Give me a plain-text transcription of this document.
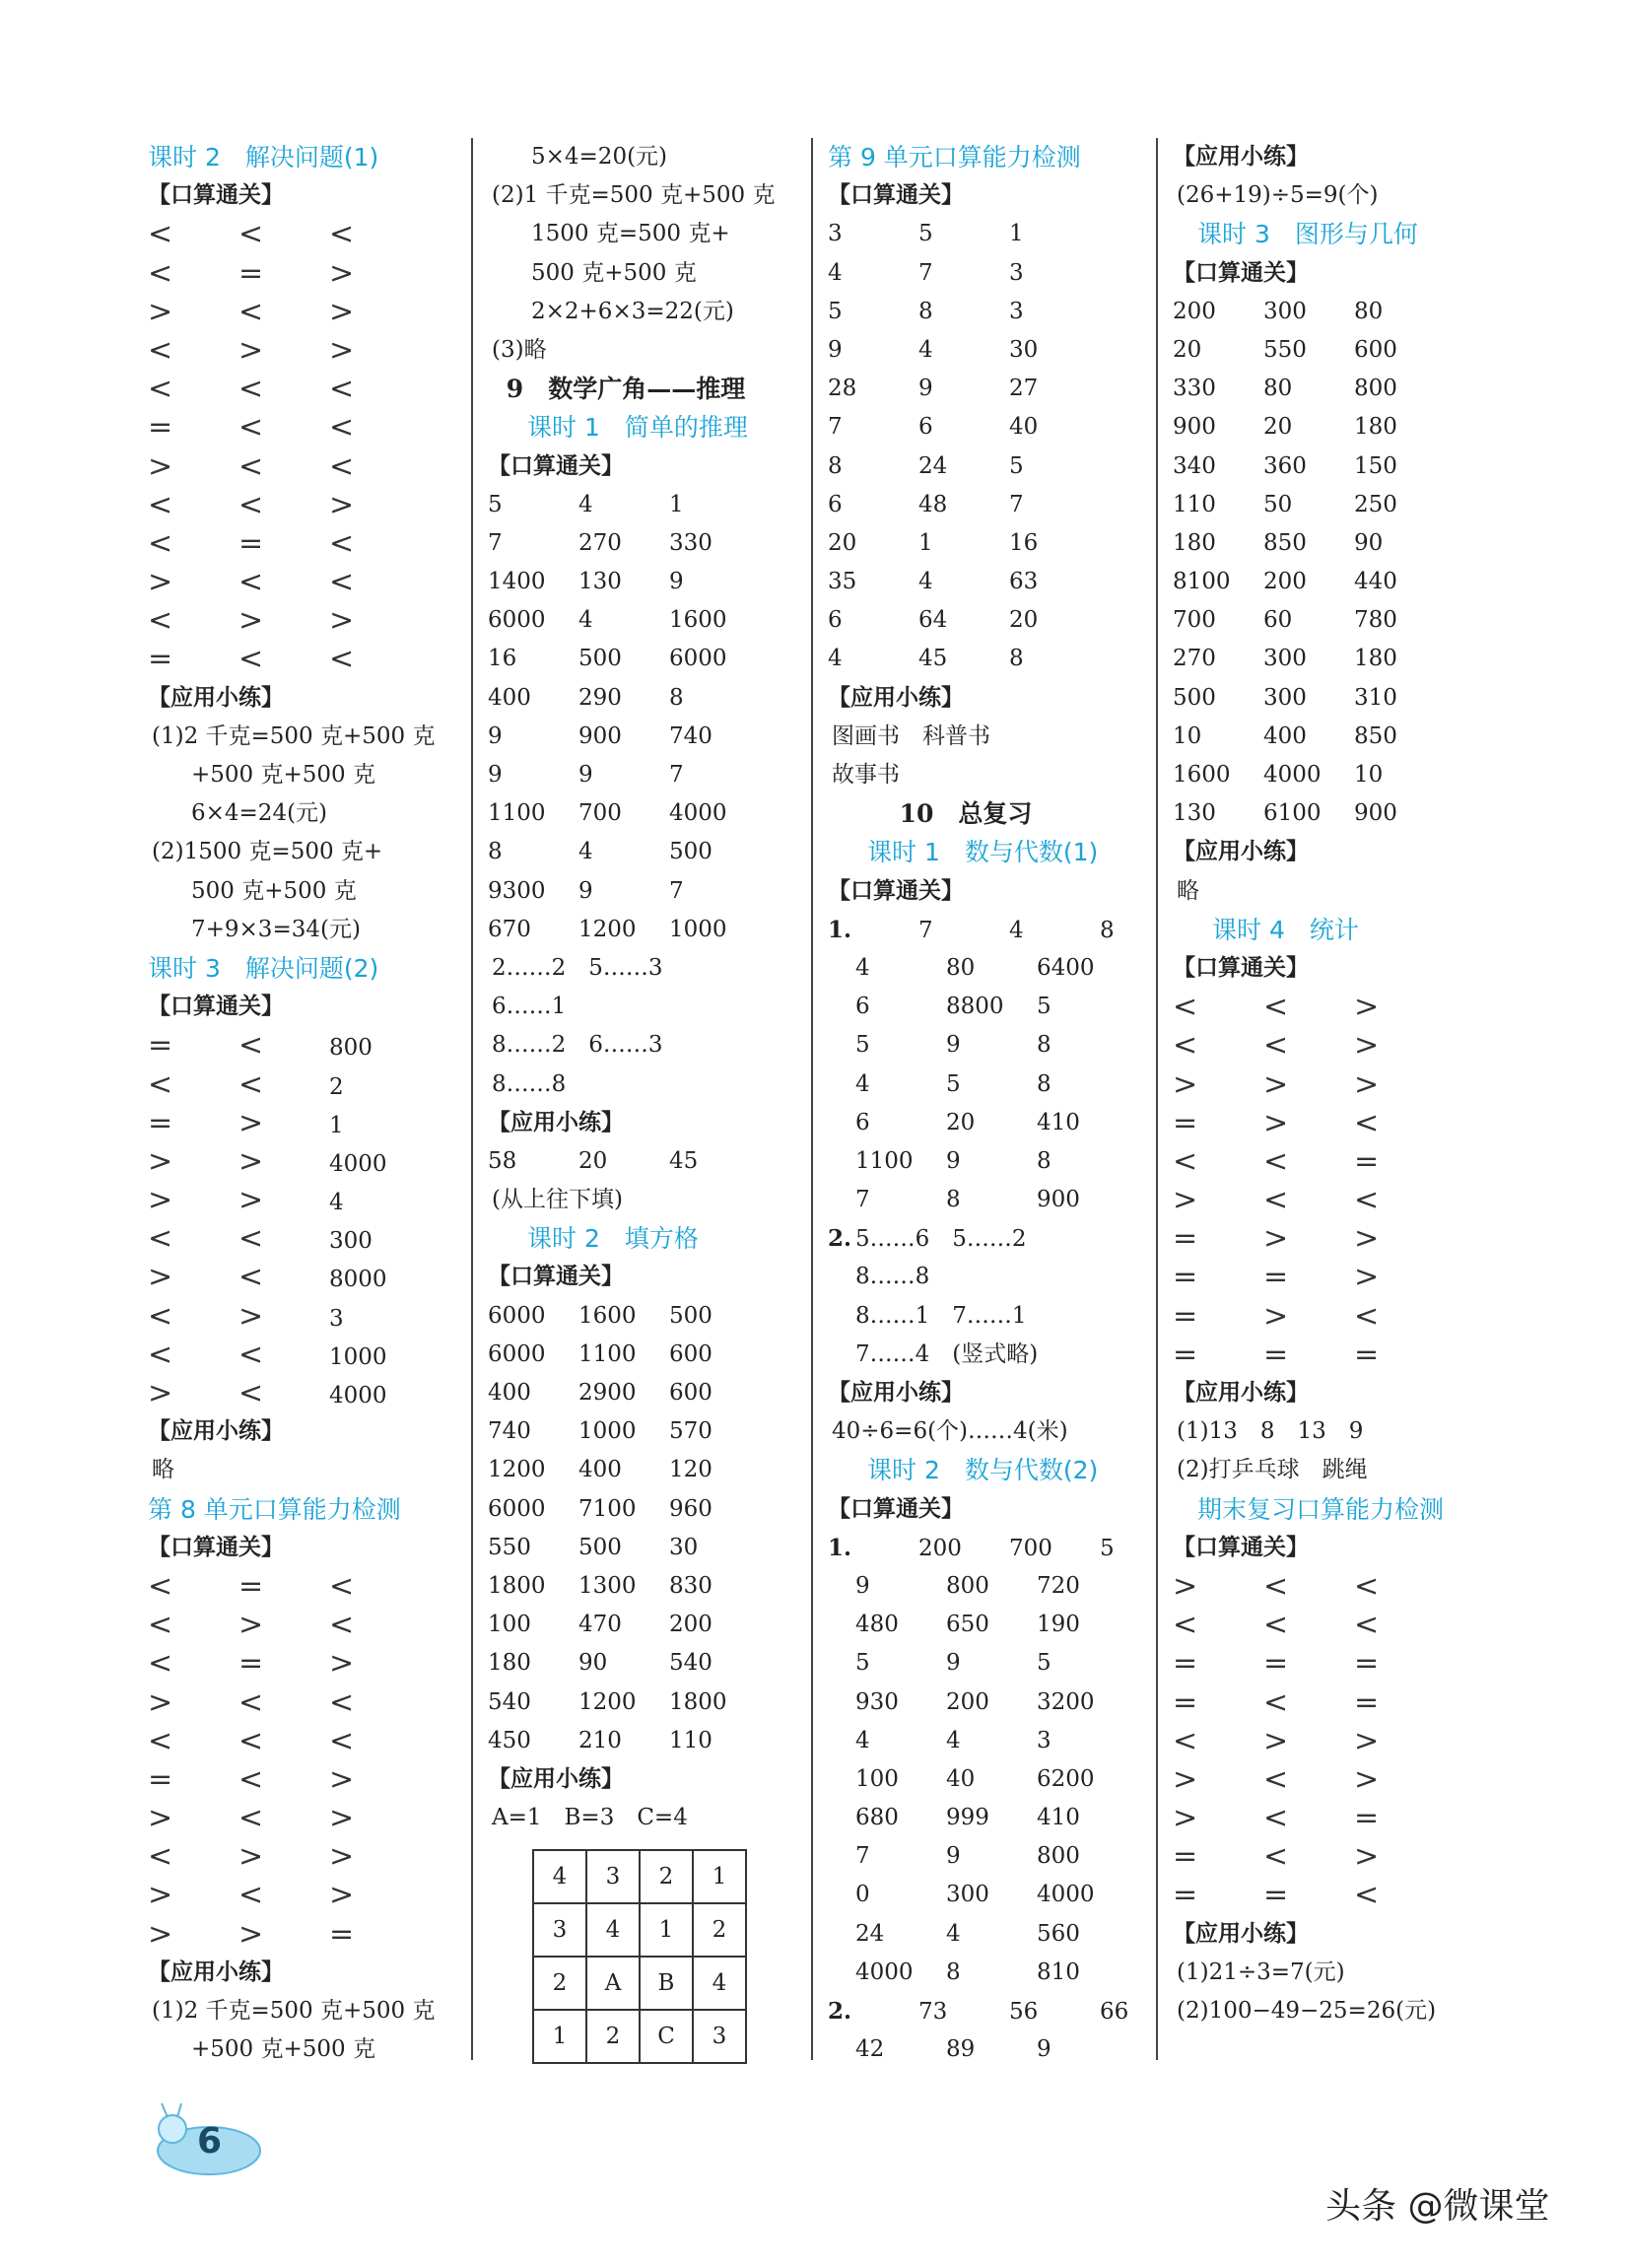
课时 2　解决问题(1)
【口算通关】
< < <
< = >
> < >
< > >
< < <
= < <
> < <
< < >
< = <
> < <
< > >
= < <
【应用小练】
(1)2 千克=500 克+500 克
+500 克+500 克
6×4=24(元)
(2)1500 克=500 克+
500 克+500 克
7+9×3=34(元)
课时 3　解决问题(2)
【口算通关】
= <	800
< <	2
= >	1
> >	4000
> >	4
< <	300
> <	8000
< >	3
< <	1000
> <	4000
【应用小练】
略
第 8 单元口算能力检测
【口算通关】
< = <
< > <
< = >
> < <
< < <
= < >
> < >
< > >
> < >
> > =
【应用小练】
(1)2 千克=500 克+500 克
+500 克+500 克
5×4=20(元)
(2)1 千克=500 克+500 克
1500 克=500 克+
500 克+500 克
2×2+6×3=22(元)
(3)略
9　数学广角——推理
课时 1　简单的推理
【口算通关】
5	4	1
7	270 330
1400 130 9
6000 4	1600
16	500 6000
400 290 8
9	900 740
9	9	7
1100 700 4000
8	4	500
9300 9	7
670 1200 1000
2……2　5……3
6……1
8……2　6……3
8……8
【应用小练】
58	20	45
(从上往下填)
课时 2　填方格
【口算通关】
6000 1600 500
6000 1100 600
400 2900 600
740 1000 570
1200 400 120
6000 7100 960
550 500 30
1800 1300 830
100 470 200
180 90	540
540 1200 1800
450 210 110
【应用小练】
A=1　B=3　C=4
4	3	2	1
3	4	1	2
2	A	B	4
1	2	C	3
第 9 单元口算能力检测
【口算通关】
3	5	1
4	7	3
5	8	3
9	4	30
28	9	27
7	6	40
8	24	5
6	48	7
20	1	16
35	4	63
6	64	20
4	45	8
【应用小练】
图画书　科普书
故事书
10　总复习
课时 1　数与代数(1)
【口算通关】
1.	7	4	8
4	80	6400
6	8800 5
5	9	8
4	5	8
6	20	410
1100 9	8
7	8	900
2. 5……6　5……2
8……8
8……1　7……1
7……4　(竖式略)
【应用小练】
40÷6=6(个)……4(米)
课时 2　数与代数(2)
【口算通关】
1.	200 700 5
9	800 720
480 650 190
5	9	5
930 200 3200
4	4	3
100 40	6200
680 999 410
7	9	800
0	300 4000
24	4	560
4000 8	810
2.	73	56	66
42	89	9
【应用小练】
(26+19)÷5=9(个)
　课时 3　图形与几何
【口算通关】
200 300 80
20	550 600
330 80	800
900 20	180
340 360 150
110 50	250
180 850 90
8100 200 440
700 60	780
270 300 180
500 300 310
10	400 850
1600 4000 10
130 6100 900
【应用小练】
略
课时 4　统计
【口算通关】
< < >
< < >
> > >
= > <
< < =
> < <
= > >
= = >
= > <
= = =
【应用小练】
(1)13　8　13　9
(2)打乒乓球　跳绳
　期末复习口算能力检测
【口算通关】
> < <
< < <
= = =
= < =
< > >
> < >
> < =
= < >
= = <
【应用小练】
(1)21÷3=7(元)
(2)100−49−25=26(元)
6
头条 @微课堂
